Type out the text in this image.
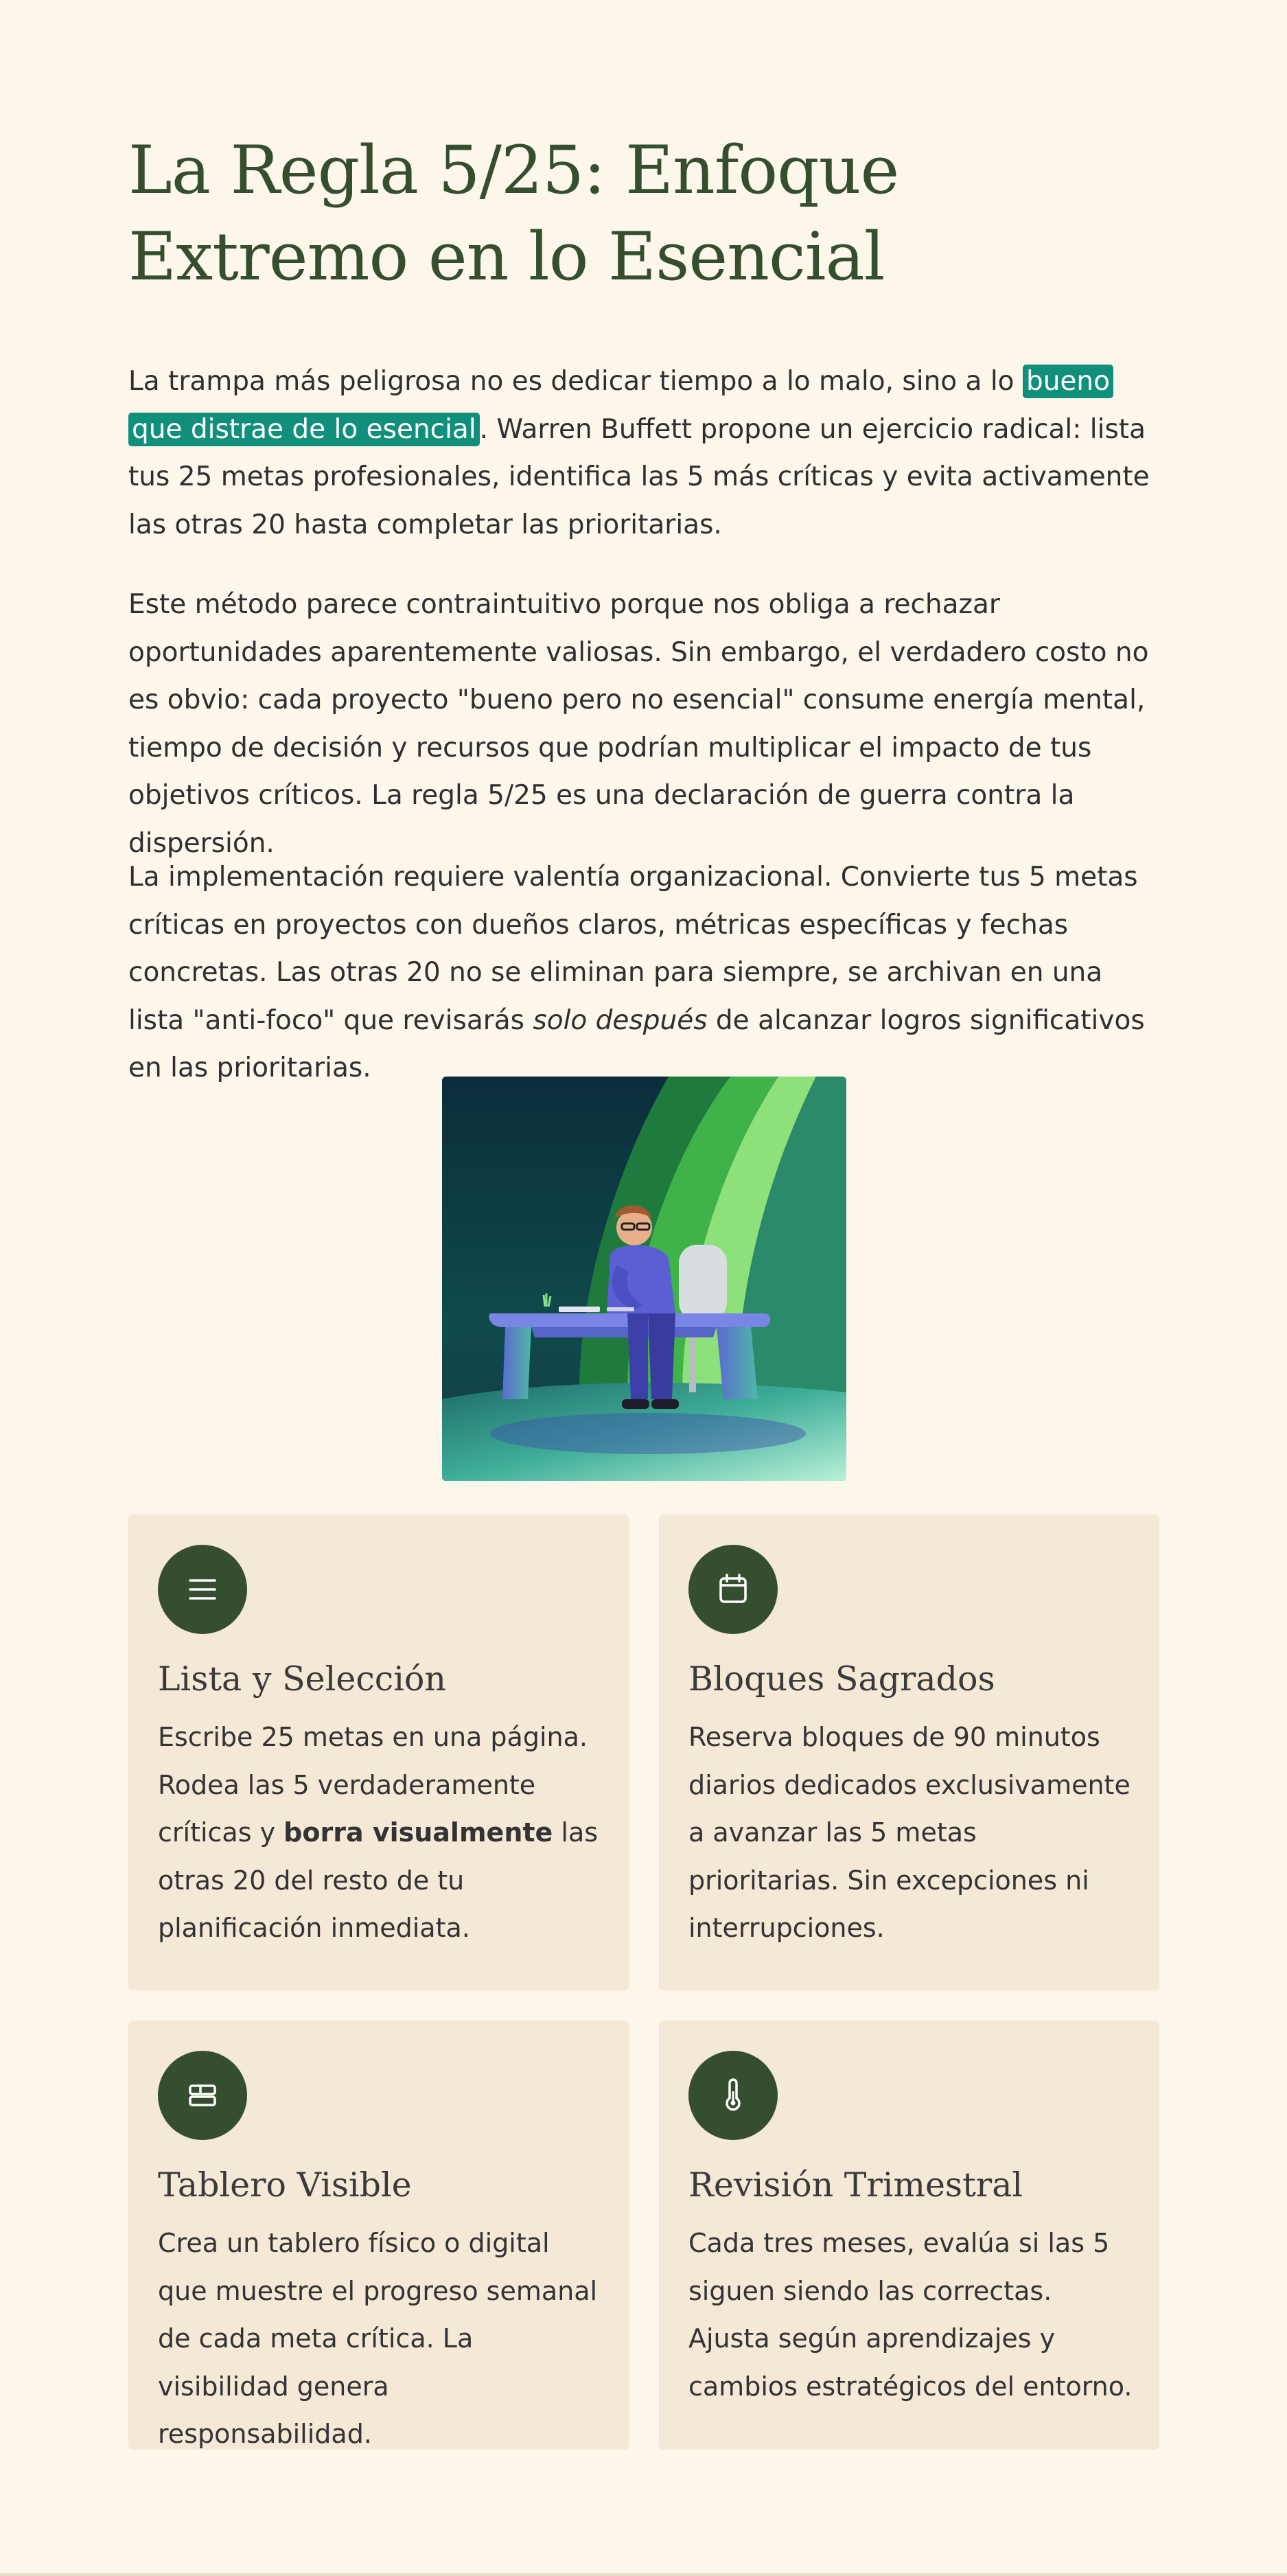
La Regla 5/25: Enfoque Extremo en lo Esencial

La trampa más peligrosa no es dedicar tiempo a lo malo, sino a lo bueno que distrae de lo esencial . Warren Buffett propone un ejercicio radical: lista tus 25 metas profesionales, identifica las 5 más críticas y evita activamente las otras 20 hasta completar las prioritarias.

Este método parece contraintuitivo porque nos obliga a rechazar oportunidades aparentemente valiosas. Sin embargo, el verdadero costo no es obvio: cada proyecto "bueno pero no esencial" consume energía mental, tiempo de decisión y recursos que podrían multiplicar el impacto de tus objetivos críticos. La regla 5/25 es una declaración de guerra contra la dispersión.

La implementación requiere valentía organizacional. Convierte tus 5 metas críticas en proyectos con dueños claros, métricas específicas y fechas concretas. Las otras 20 no se eliminan para siempre, se archivan en una lista "anti-foco" que revisarás solo después de alcanzar logros significativos en las prioritarias.

Lista y Selección

Escribe 25 metas en una página. Rodea las 5 verdaderamente críticas y borra visualmente las otras 20 del resto de tu planificación inmediata.

Bloques Sagrados

Reserva bloques de 90 minutos diarios dedicados exclusivamente a avanzar las 5 metas prioritarias. Sin excepciones ni interrupciones.

Tablero Visible

Crea un tablero físico o digital que muestre el progreso semanal de cada meta crítica. La visibilidad genera responsabilidad.

Revisión Trimestral

Cada tres meses, evalúa si las 5 siguen siendo las correctas. Ajusta según aprendizajes y cambios estratégicos del entorno.
